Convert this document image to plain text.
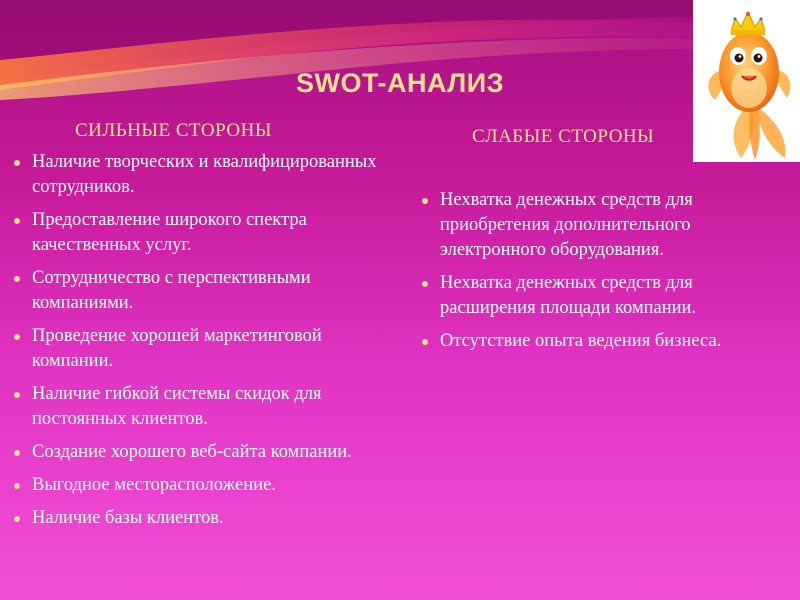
SWOT-АНАЛИЗ
СИЛЬНЫЕ СТОРОНЫ	СЛАБЫЕ СТОРОНЫ
Наличие творческих и квалифицированных сотрудников.
Предоставление широкого спектра качественных услуг.
Сотрудничество с перспективными компаниями.
Проведение хорошей маркетинговой компании.
Наличие гибкой системы скидок для постоянных клиентов.
Создание хорошего веб-сайта компании.
Выгодное месторасположение.
Наличие базы клиентов.
Нехватка денежных средств для приобретения дополнительного электронного оборудования.
Нехватка денежных средств для расширения площади компании.
Отсутствие опыта ведения бизнеса.
